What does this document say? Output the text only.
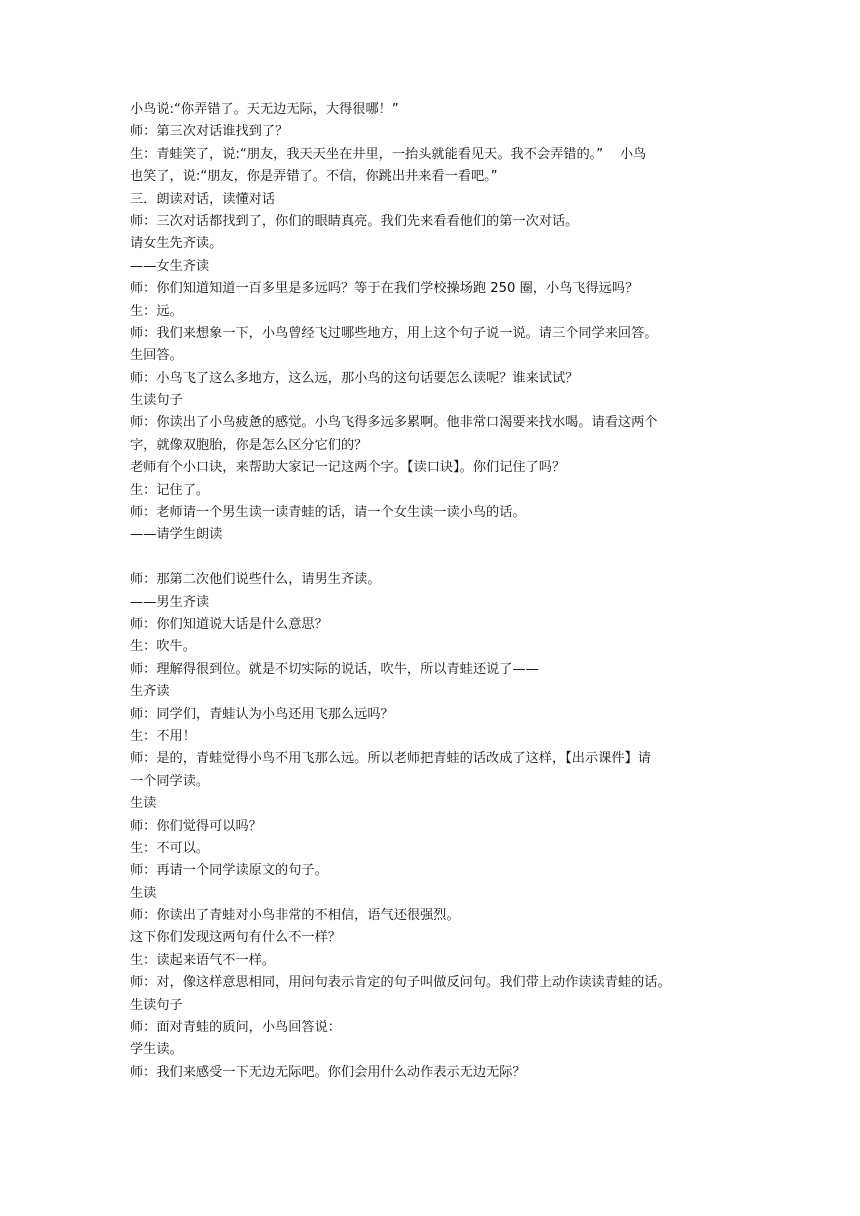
小鸟说:“你弄错了。天无边无际，大得很哪！”

师：第三次对话谁找到了？

生：青蛙笑了，说:“朋友，我天天坐在井里，一抬头就能看见天。我不会弄错的。”    小鸟

也笑了，说:“朋友，你是弄错了。不信，你跳出井来看一看吧。”

三．朗读对话，读懂对话

师：三次对话都找到了，你们的眼睛真亮。我们先来看看他们的第一次对话。

请女生先齐读。

——女生齐读

师：你们知道知道一百多里是多远吗？等于在我们学校操场跑 250 圈，小鸟飞得远吗？

生：远。

师：我们来想象一下，小鸟曾经飞过哪些地方，用上这个句子说一说。请三个同学来回答。

生回答。

师：小鸟飞了这么多地方，这么远，那小鸟的这句话要怎么读呢？谁来试试？

生读句子

师：你读出了小鸟疲惫的感觉。小鸟飞得多远多累啊。他非常口渴要来找水喝。请看这两个

字，就像双胞胎，你是怎么区分它们的？

老师有个小口诀，来帮助大家记一记这两个字。【读口诀】。你们记住了吗？

生：记住了。

师：老师请一个男生读一读青蛙的话，请一个女生读一读小鸟的话。

——请学生朗读

师：那第二次他们说些什么，请男生齐读。

——男生齐读

师：你们知道说大话是什么意思？

生：吹牛。

师：理解得很到位。就是不切实际的说话，吹牛，所以青蛙还说了——

生齐读

师：同学们，青蛙认为小鸟还用飞那么远吗？

生：不用！

师：是的，青蛙觉得小鸟不用飞那么远。所以老师把青蛙的话改成了这样，【出示课件】请

一个同学读。

生读

师：你们觉得可以吗？

生：不可以。

师：再请一个同学读原文的句子。

生读

师：你读出了青蛙对小鸟非常的不相信，语气还很强烈。

这下你们发现这两句有什么不一样？

生：读起来语气不一样。

师：对，像这样意思相同，用问句表示肯定的句子叫做反问句。我们带上动作读读青蛙的话。

生读句子

师：面对青蛙的质问，小鸟回答说：

学生读。

师：我们来感受一下无边无际吧。你们会用什么动作表示无边无际？
